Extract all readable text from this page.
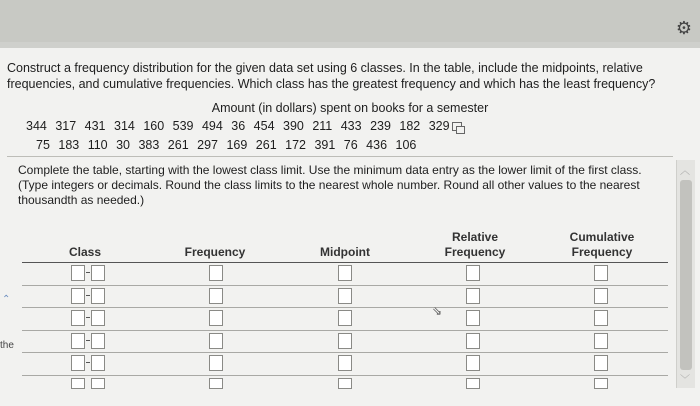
⚙
Construct a frequency distribution for the given data set using 6 classes. In the table, include the midpoints, relative frequencies, and cumulative frequencies. Which class has the greatest frequency and which has the least frequency?
Amount (in dollars) spent on books for a semester
344 317 431 314 160 539 494 36 454 390 211 433 239 182 329
75 183 110 30 383 261 297 169 261 172 391 76 436 106
Complete the table, starting with the lowest class limit. Use the minimum data entry as the lower limit of the first class.
(Type integers or decimals. Round the class limits to the nearest whole number. Round all other values to the nearest thousandth as needed.)
︿
﹀
Class	Frequency	Midpoint
Relative
Frequency
Cumulative
Frequency
⌃
the
⇘
